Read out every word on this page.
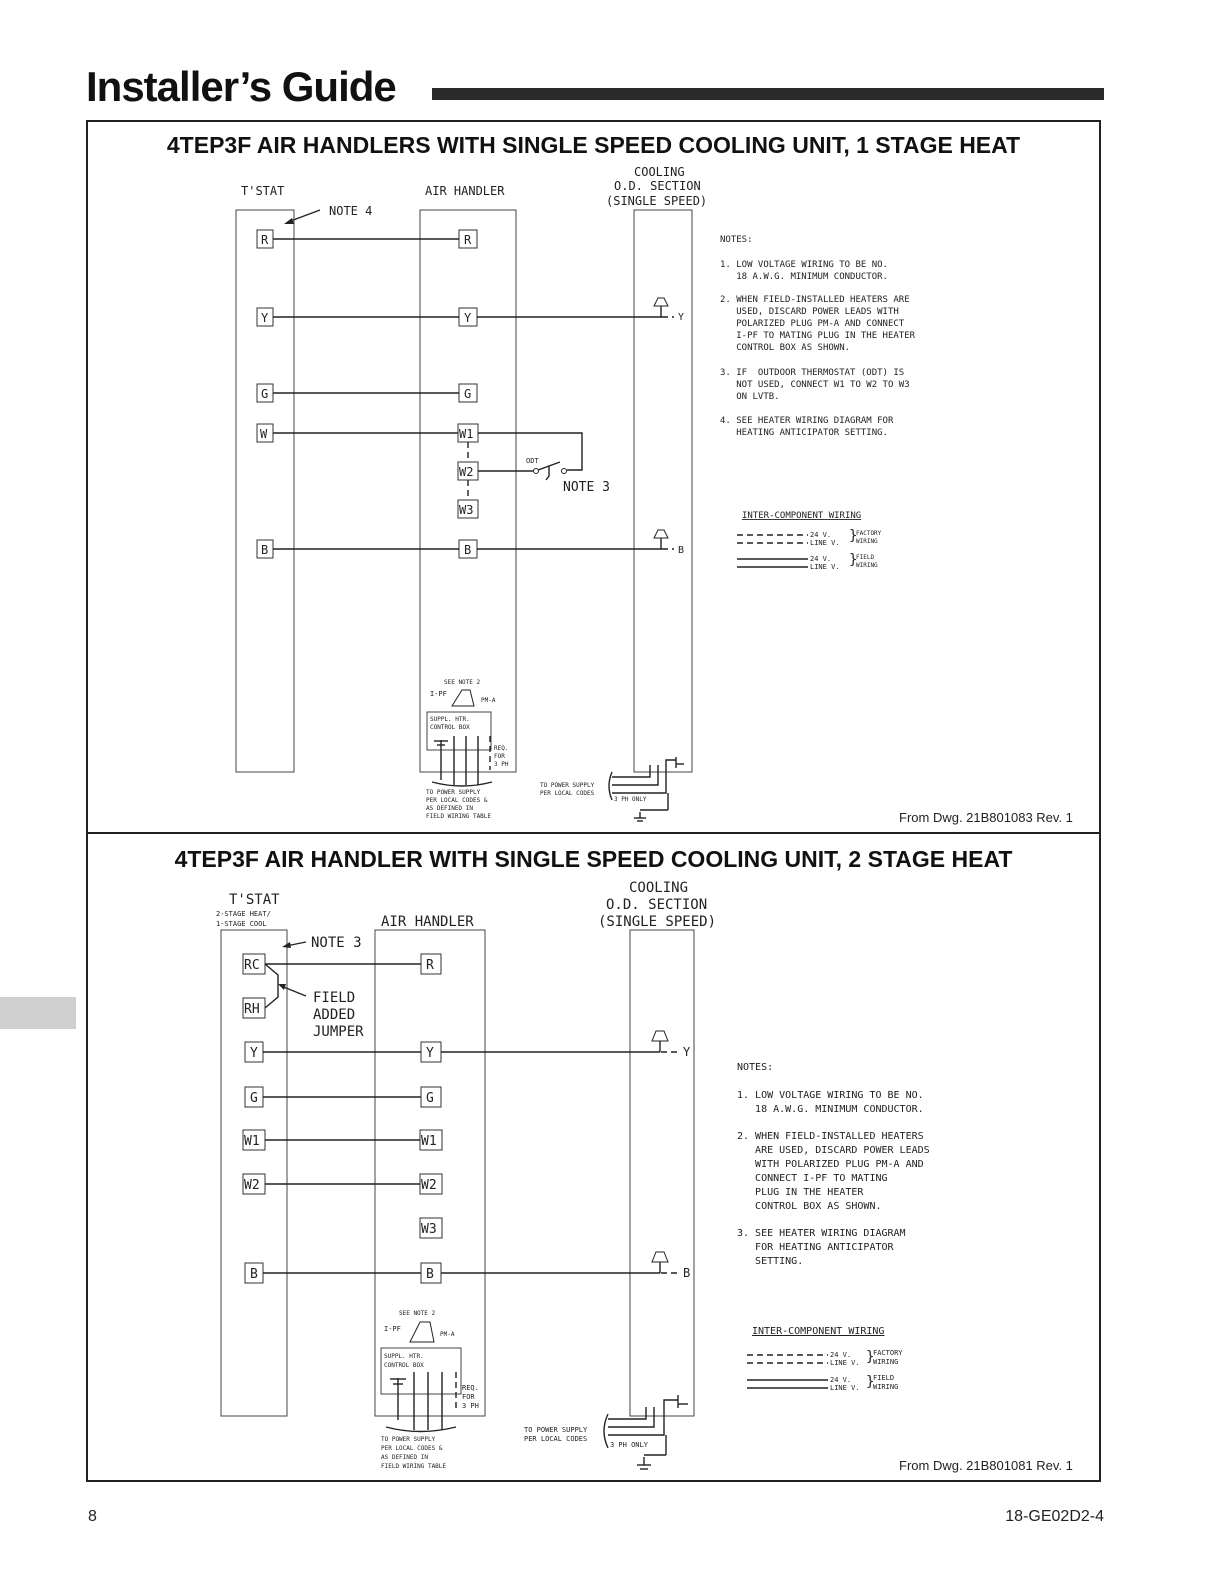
Installer’s Guide
4TEP3F AIR HANDLERS WITH SINGLE SPEED COOLING UNIT, 1 STAGE HEAT
4TEP3F AIR HANDLER WITH SINGLE SPEED COOLING UNIT, 2 STAGE HEAT
From Dwg. 21B801083 Rev. 1
From Dwg. 21B801081 Rev. 1
8	18-GE02D2-4
T'STAT	AIR HANDLER
COOLING
O.D. SECTION
(SINGLE SPEED)
NOTE 4
R
Y
G
W
B
R
Y
G
W1
W2
W3
B
ODT
NOTE 3
Y
B
SEE NOTE 2
I-PF
PM-A
SUPPL. HTR.
CONTROL BOX
REQ.
FOR
3 PH
TO POWER SUPPLY
PER LOCAL CODES &
AS DEFINED IN
FIELD WIRING TABLE
TO POWER SUPPLY
PER LOCAL CODES
3 PH ONLY
NOTES:
1. LOW VOLTAGE WIRING TO BE NO.
18 A.W.G. MINIMUM CONDUCTOR.
2. WHEN FIELD-INSTALLED HEATERS ARE
USED, DISCARD POWER LEADS WITH
POLARIZED PLUG PM-A AND CONNECT
I-PF TO MATING PLUG IN THE HEATER
CONTROL BOX AS SHOWN.
3. IF  OUTDOOR THERMOSTAT (ODT) IS
NOT USED, CONNECT W1 TO W2 TO W3
ON LVTB.
4. SEE HEATER WIRING DIAGRAM FOR
HEATING ANTICIPATOR SETTING.
INTER-COMPONENT WIRING
24 V.
LINE V.
24 V.
LINE V.
}
}
FACTORY
WIRING
FIELD
WIRING
T'STAT
2-STAGE HEAT/
1-STAGE COOL	AIR HANDLER
COOLING
O.D. SECTION
(SINGLE SPEED)
NOTE 3
RC
RH
Y
G
W1
W2
B
R
Y
G
W1
W2
W3
B
FIELD
ADDED
JUMPER
Y
B
SEE NOTE 2
I-PF
PM-A
SUPPL. HTR.
CONTROL BOX
REQ.
FOR
3 PH
TO POWER SUPPLY
PER LOCAL CODES &
AS DEFINED IN
FIELD WIRING TABLE
TO POWER SUPPLY
PER LOCAL CODES
3 PH ONLY
NOTES:
1. LOW VOLTAGE WIRING TO BE NO.
18 A.W.G. MINIMUM CONDUCTOR.
2. WHEN FIELD-INSTALLED HEATERS
ARE USED, DISCARD POWER LEADS
WITH POLARIZED PLUG PM-A AND
CONNECT I-PF TO MATING
PLUG IN THE HEATER
CONTROL BOX AS SHOWN.
3. SEE HEATER WIRING DIAGRAM
FOR HEATING ANTICIPATOR
SETTING.
INTER-COMPONENT WIRING
24 V.
LINE V.
24 V.
LINE V.
}
}
FACTORY
WIRING
FIELD
WIRING
